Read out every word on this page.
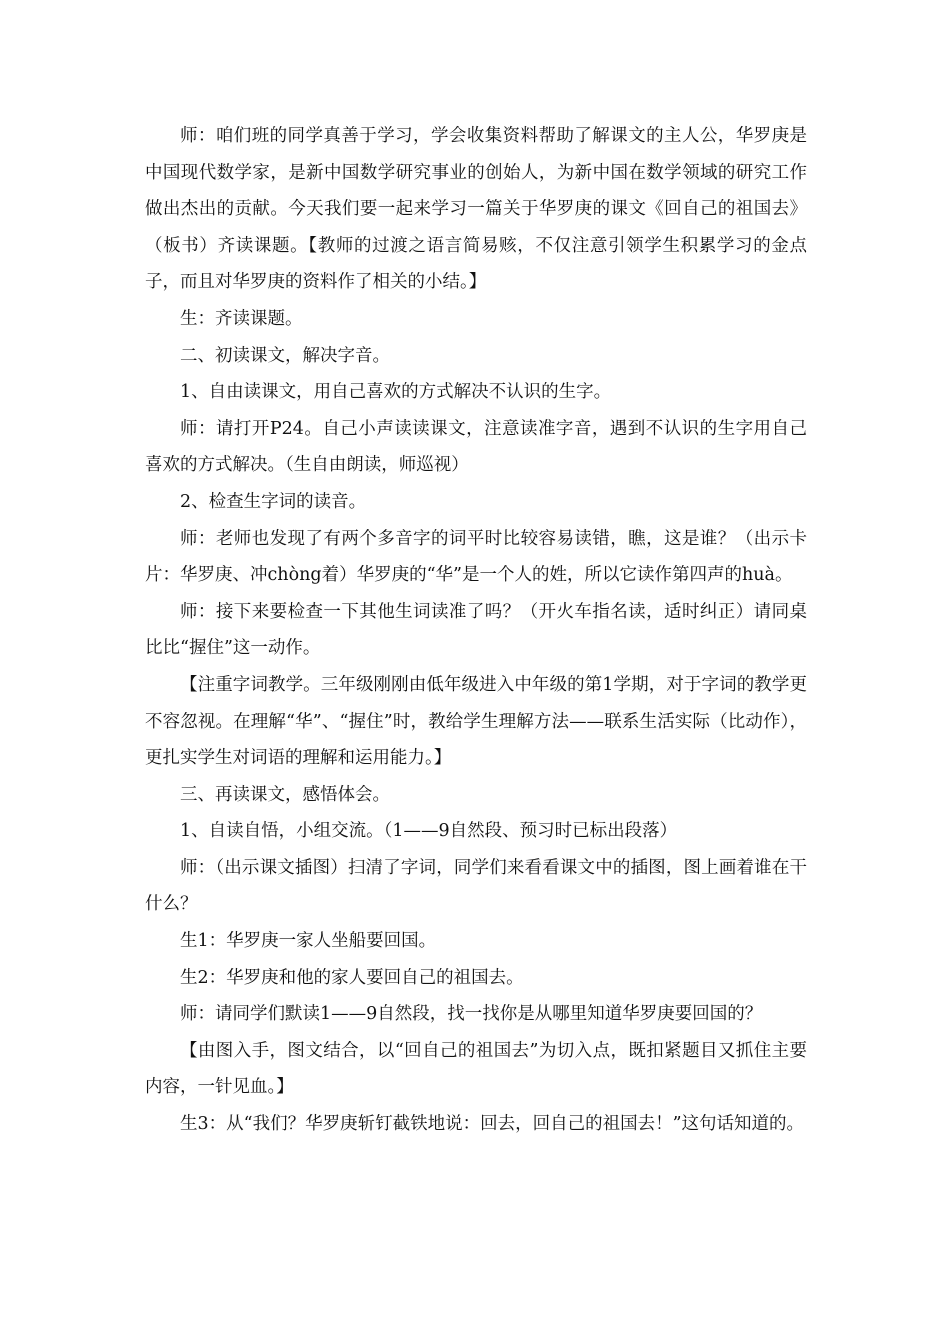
师：咱们班的同学真善于学习，学会收集资料帮助了解课文的主人公，华罗庚是中国现代数学家，是新中国数学研究事业的创始人，为新中国在数学领域的研究工作做出杰出的贡献。今天我们要一起来学习一篇关于华罗庚的课文《回自己的祖国去》（板书）齐读课题。【教师的过渡之语言简易赅，不仅注意引领学生积累学习的金点子，而且对华罗庚的资料作了相关的小结。】

生：齐读课题。

二、初读课文，解决字音。

1、自由读课文，用自己喜欢的方式解决不认识的生字。

师：请打开P24。自己小声读读课文，注意读准字音，遇到不认识的生字用自己喜欢的方式解决。（生自由朗读，师巡视）

2、检查生字词的读音。

师：老师也发现了有两个多音字的词平时比较容易读错，瞧，这是谁？（出示卡片：华罗庚、冲chòng着）华罗庚的“华”是一个人的姓，所以它读作第四声的huà。

师：接下来要检查一下其他生词读准了吗？（开火车指名读，适时纠正）请同桌比比“握住”这一动作。

【注重字词教学。三年级刚刚由低年级进入中年级的第1学期，对于字词的教学更不容忽视。在理解“华”、“握住”时，教给学生理解方法——联系生活实际（比动作），更扎实学生对词语的理解和运用能力。】

三、再读课文，感悟体会。

1、自读自悟，小组交流。（1——9自然段、预习时已标出段落）

师：（出示课文插图）扫清了字词，同学们来看看课文中的插图，图上画着谁在干什么？

生1：华罗庚一家人坐船要回国。

生2：华罗庚和他的家人要回自己的祖国去。

师：请同学们默读1——9自然段，找一找你是从哪里知道华罗庚要回国的？

【由图入手，图文结合，以“回自己的祖国去”为切入点，既扣紧题目又抓住主要内容，一针见血。】

生3：从“我们？华罗庚斩钉截铁地说：回去，回自己的祖国去！”这句话知道的。
